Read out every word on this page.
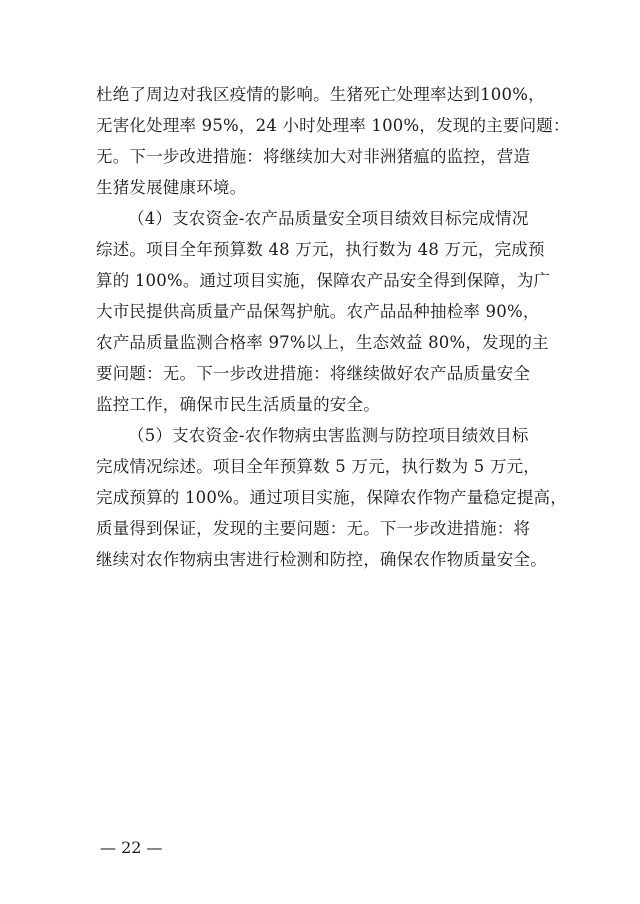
杜绝了周边对我区疫情的影响。生猪死亡处理率达到100%，
无害化处理率 95%，24 小时处理率 100%，发现的主要问题：
无。下一步改进措施：将继续加大对非洲猪瘟的监控，营造
生猪发展健康环境。
（4）支农资金-农产品质量安全项目绩效目标完成情况
综述。项目全年预算数 48 万元，执行数为 48 万元，完成预
算的 100%。通过项目实施，保障农产品安全得到保障，为广
大市民提供高质量产品保驾护航。农产品品种抽检率 90%，
农产品质量监测合格率 97%以上，生态效益 80%，发现的主
要问题：无。下一步改进措施：将继续做好农产品质量安全
监控工作，确保市民生活质量的安全。
（5）支农资金-农作物病虫害监测与防控项目绩效目标
完成情况综述。项目全年预算数 5 万元，执行数为 5 万元，
完成预算的 100%。通过项目实施，保障农作物产量稳定提高，
质量得到保证，发现的主要问题：无。下一步改进措施：将
继续对农作物病虫害进行检测和防控，确保农作物质量安全。
— 22 —
